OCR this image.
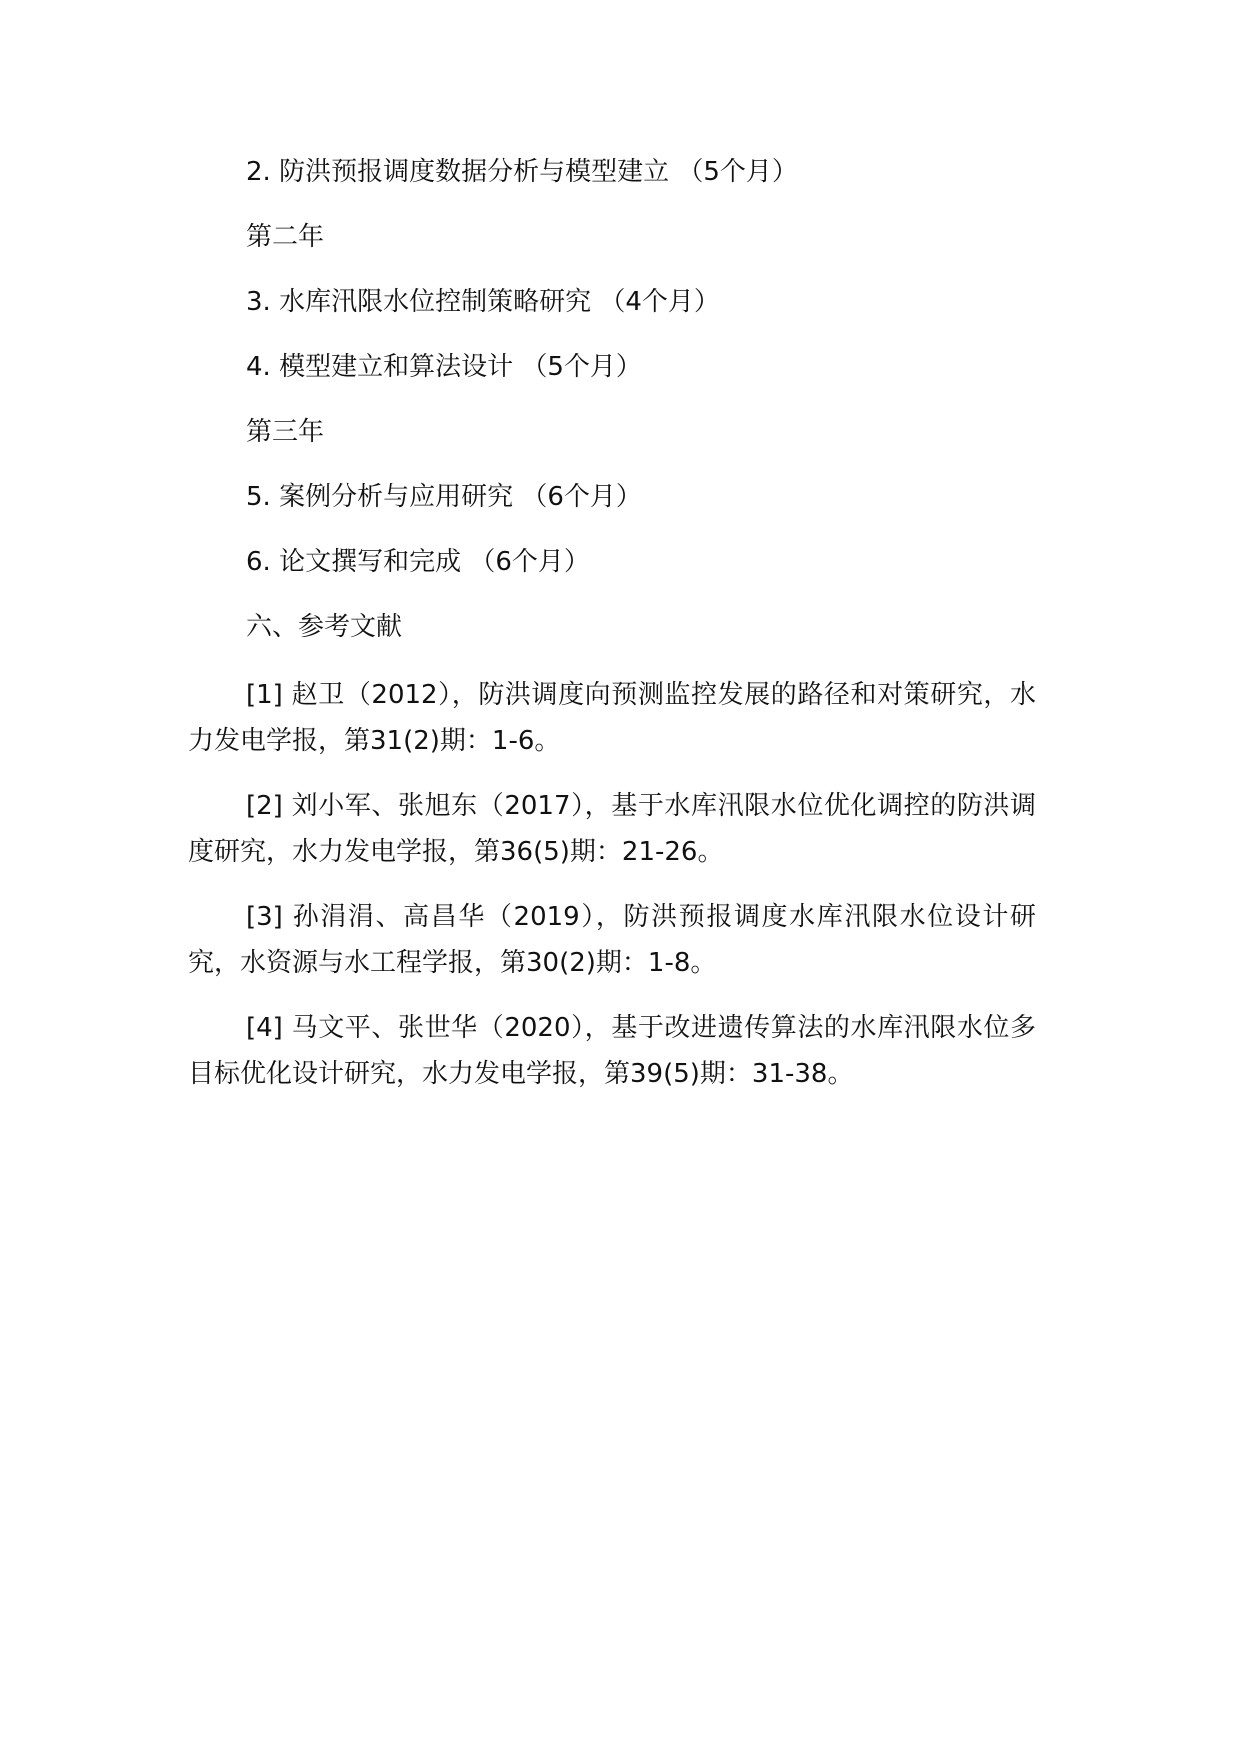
2. 防洪预报调度数据分析与模型建立 （5个月）

第二年

3. 水库汛限水位控制策略研究 （4个月）

4. 模型建立和算法设计 （5个月）

第三年

5. 案例分析与应用研究 （6个月）

6. 论文撰写和完成 （6个月）

六、参考文献

[1] 赵卫（2012），防洪调度向预测监控发展的路径和对策研究，水力发电学报，第31(2)期：1-6。

[2] 刘小军、张旭东（2017），基于水库汛限水位优化调控的防洪调度研究，水力发电学报，第36(5)期：21-26。

[3] 孙涓涓、高昌华（2019），防洪预报调度水库汛限水位设计研究，水资源与水工程学报，第30(2)期：1-8。

[4] 马文平、张世华（2020），基于改进遗传算法的水库汛限水位多目标优化设计研究，水力发电学报，第39(5)期：31-38。
